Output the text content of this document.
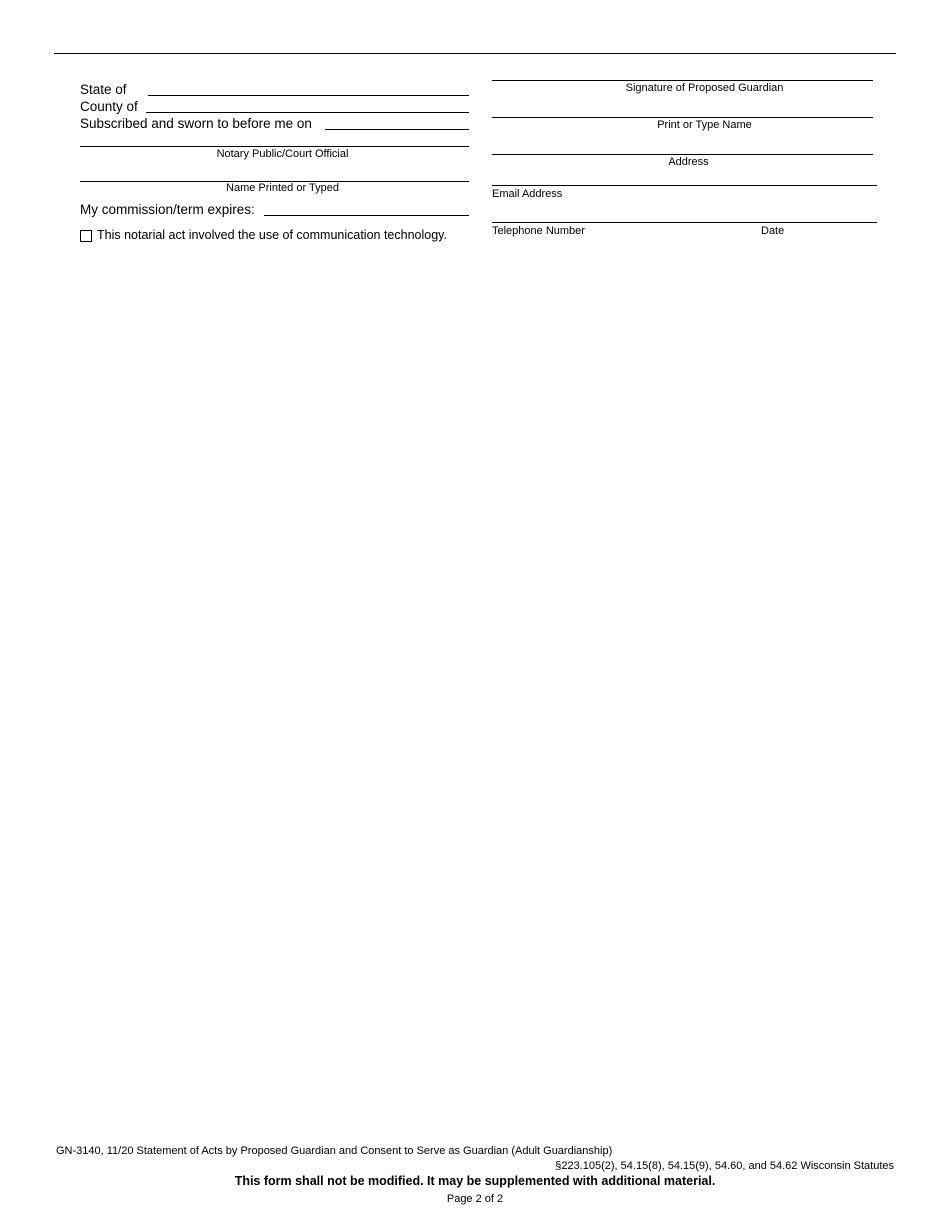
State of
County of
Subscribed and sworn to before me on
Notary Public/Court Official
Name Printed or Typed
My commission/term expires:
This notarial act involved the use of communication technology.
Signature of Proposed Guardian
Print or Type Name
Address
Email Address
Telephone Number	Date
GN-3140, 11/20 Statement of Acts by Proposed Guardian and Consent to Serve as Guardian (Adult Guardianship)
§223.105(2), 54.15(8), 54.15(9), 54.60, and 54.62 Wisconsin Statutes
This form shall not be modified. It may be supplemented with additional material.
Page 2 of 2
